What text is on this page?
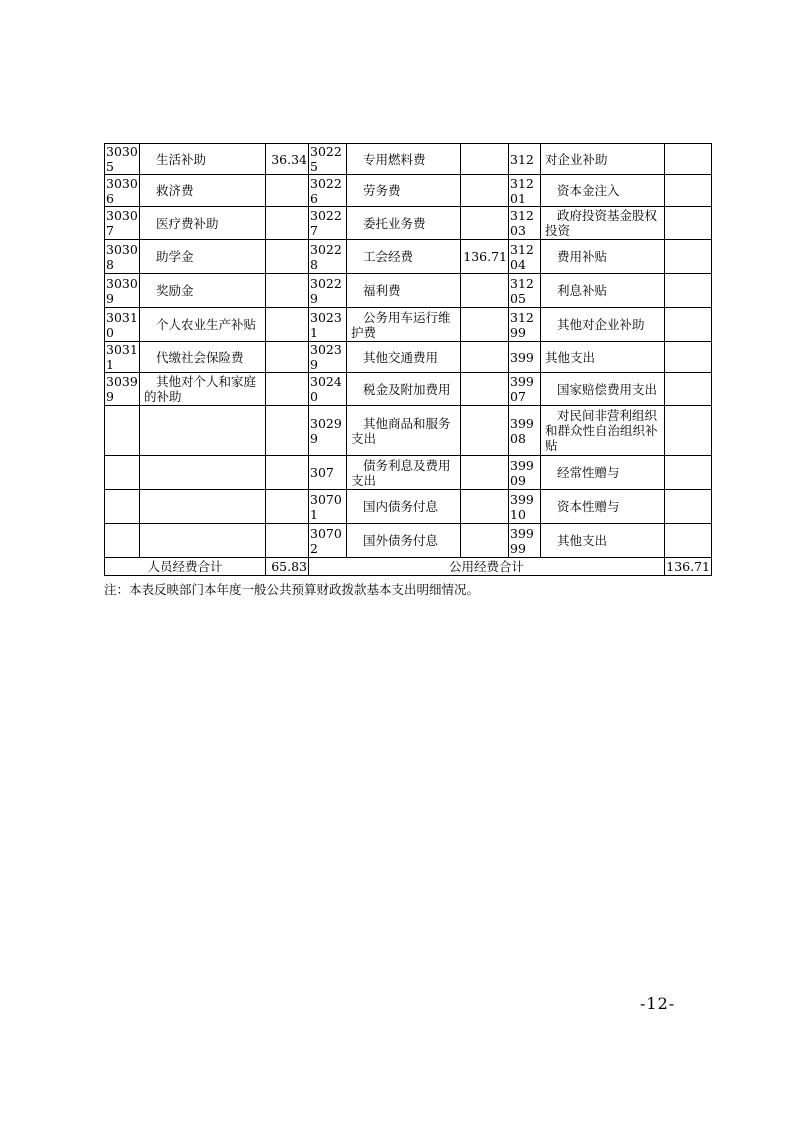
30305	生活补助	36.34	30225	专用燃料费		312	对企业补助	
30306	救济费		30226	劳务费		31201	资本金注入	
30307	医疗费补助		30227	委托业务费		31203	政府投资基金股权投资	
30308	助学金		30228	工会经费	136.71	31204	费用补贴	
30309	奖励金		30229	福利费		31205	利息补贴	
30310	个人农业生产补贴		30231	公务用车运行维护费		31299	其他对企业补助	
30311	代缴社会保险费		30239	其他交通费用		399	其他支出	
30399	其他对个人和家庭的补助		30240	税金及附加费用		39907	国家赔偿费用支出	
			30299	其他商品和服务支出		39908	对民间非营利组织和群众性自治组织补贴	
			307	债务利息及费用支出		39909	经常性赠与	
			30701	国内债务付息		39910	资本性赠与	
			30702	国外债务付息		39999	其他支出	
人员经费合计		65.83	公用经费合计					136.71
注：本表反映部门本年度一般公共预算财政拨款基本支出明细情况。
-12-
